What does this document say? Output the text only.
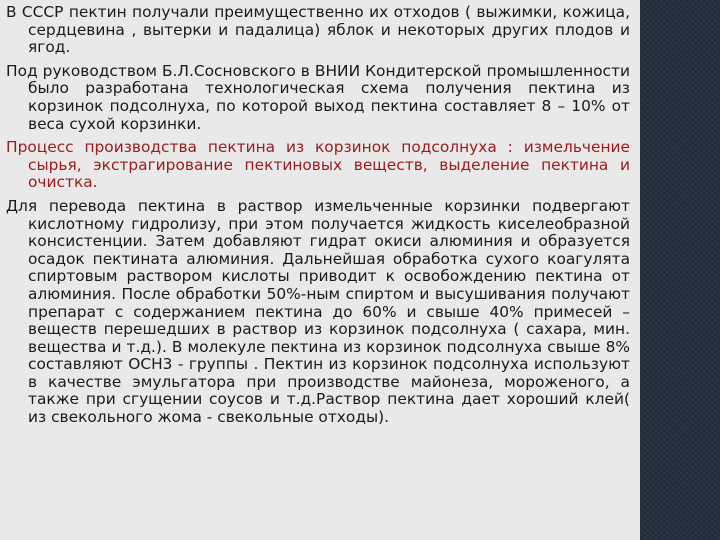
В СССР пектин получали преимущественно их отходов ( выжимки, кожица, сердцевина , вытерки и падалица) яблок и некоторых других плодов и ягод.

Под руководством Б.Л.Сосновского в ВНИИ Кондитерской промышленности было разработана технологическая схема получения пектина из корзинок подсолнуха, по которой выход пектина составляет 8 – 10% от веса сухой корзинки.

Процесс производства пектина из корзинок подсолнуха : измельчение сырья, экстрагирование пектиновых веществ, выделение пектина и очистка.

Для перевода пектина в раствор измельченные корзинки подвергают кислотному гидролизу, при этом получается жидкость киселеобразной консистенции. Затем добавляют гидрат окиси алюминия и образуется осадок пектината алюминия. Дальнейшая обработка сухого коагулята спиртовым раствором кислоты приводит к освобождению пектина от алюминия. После обработки 50%-ным спиртом и высушивания получают препарат с содержанием пектина до 60% и свыше 40% примесей – веществ перешедших в раствор из корзинок подсолнуха ( сахара, мин. вещества и т.д.). В молекуле пектина из корзинок подсолнуха свыше 8% составляют ОСН3 - группы . Пектин из корзинок подсолнуха используют в качестве эмульгатора при производстве майонеза, мороженого, а также при сгущении соусов и т.д.Раствор пектина дает хороший клей( из свекольного жома - свекольные отходы).
